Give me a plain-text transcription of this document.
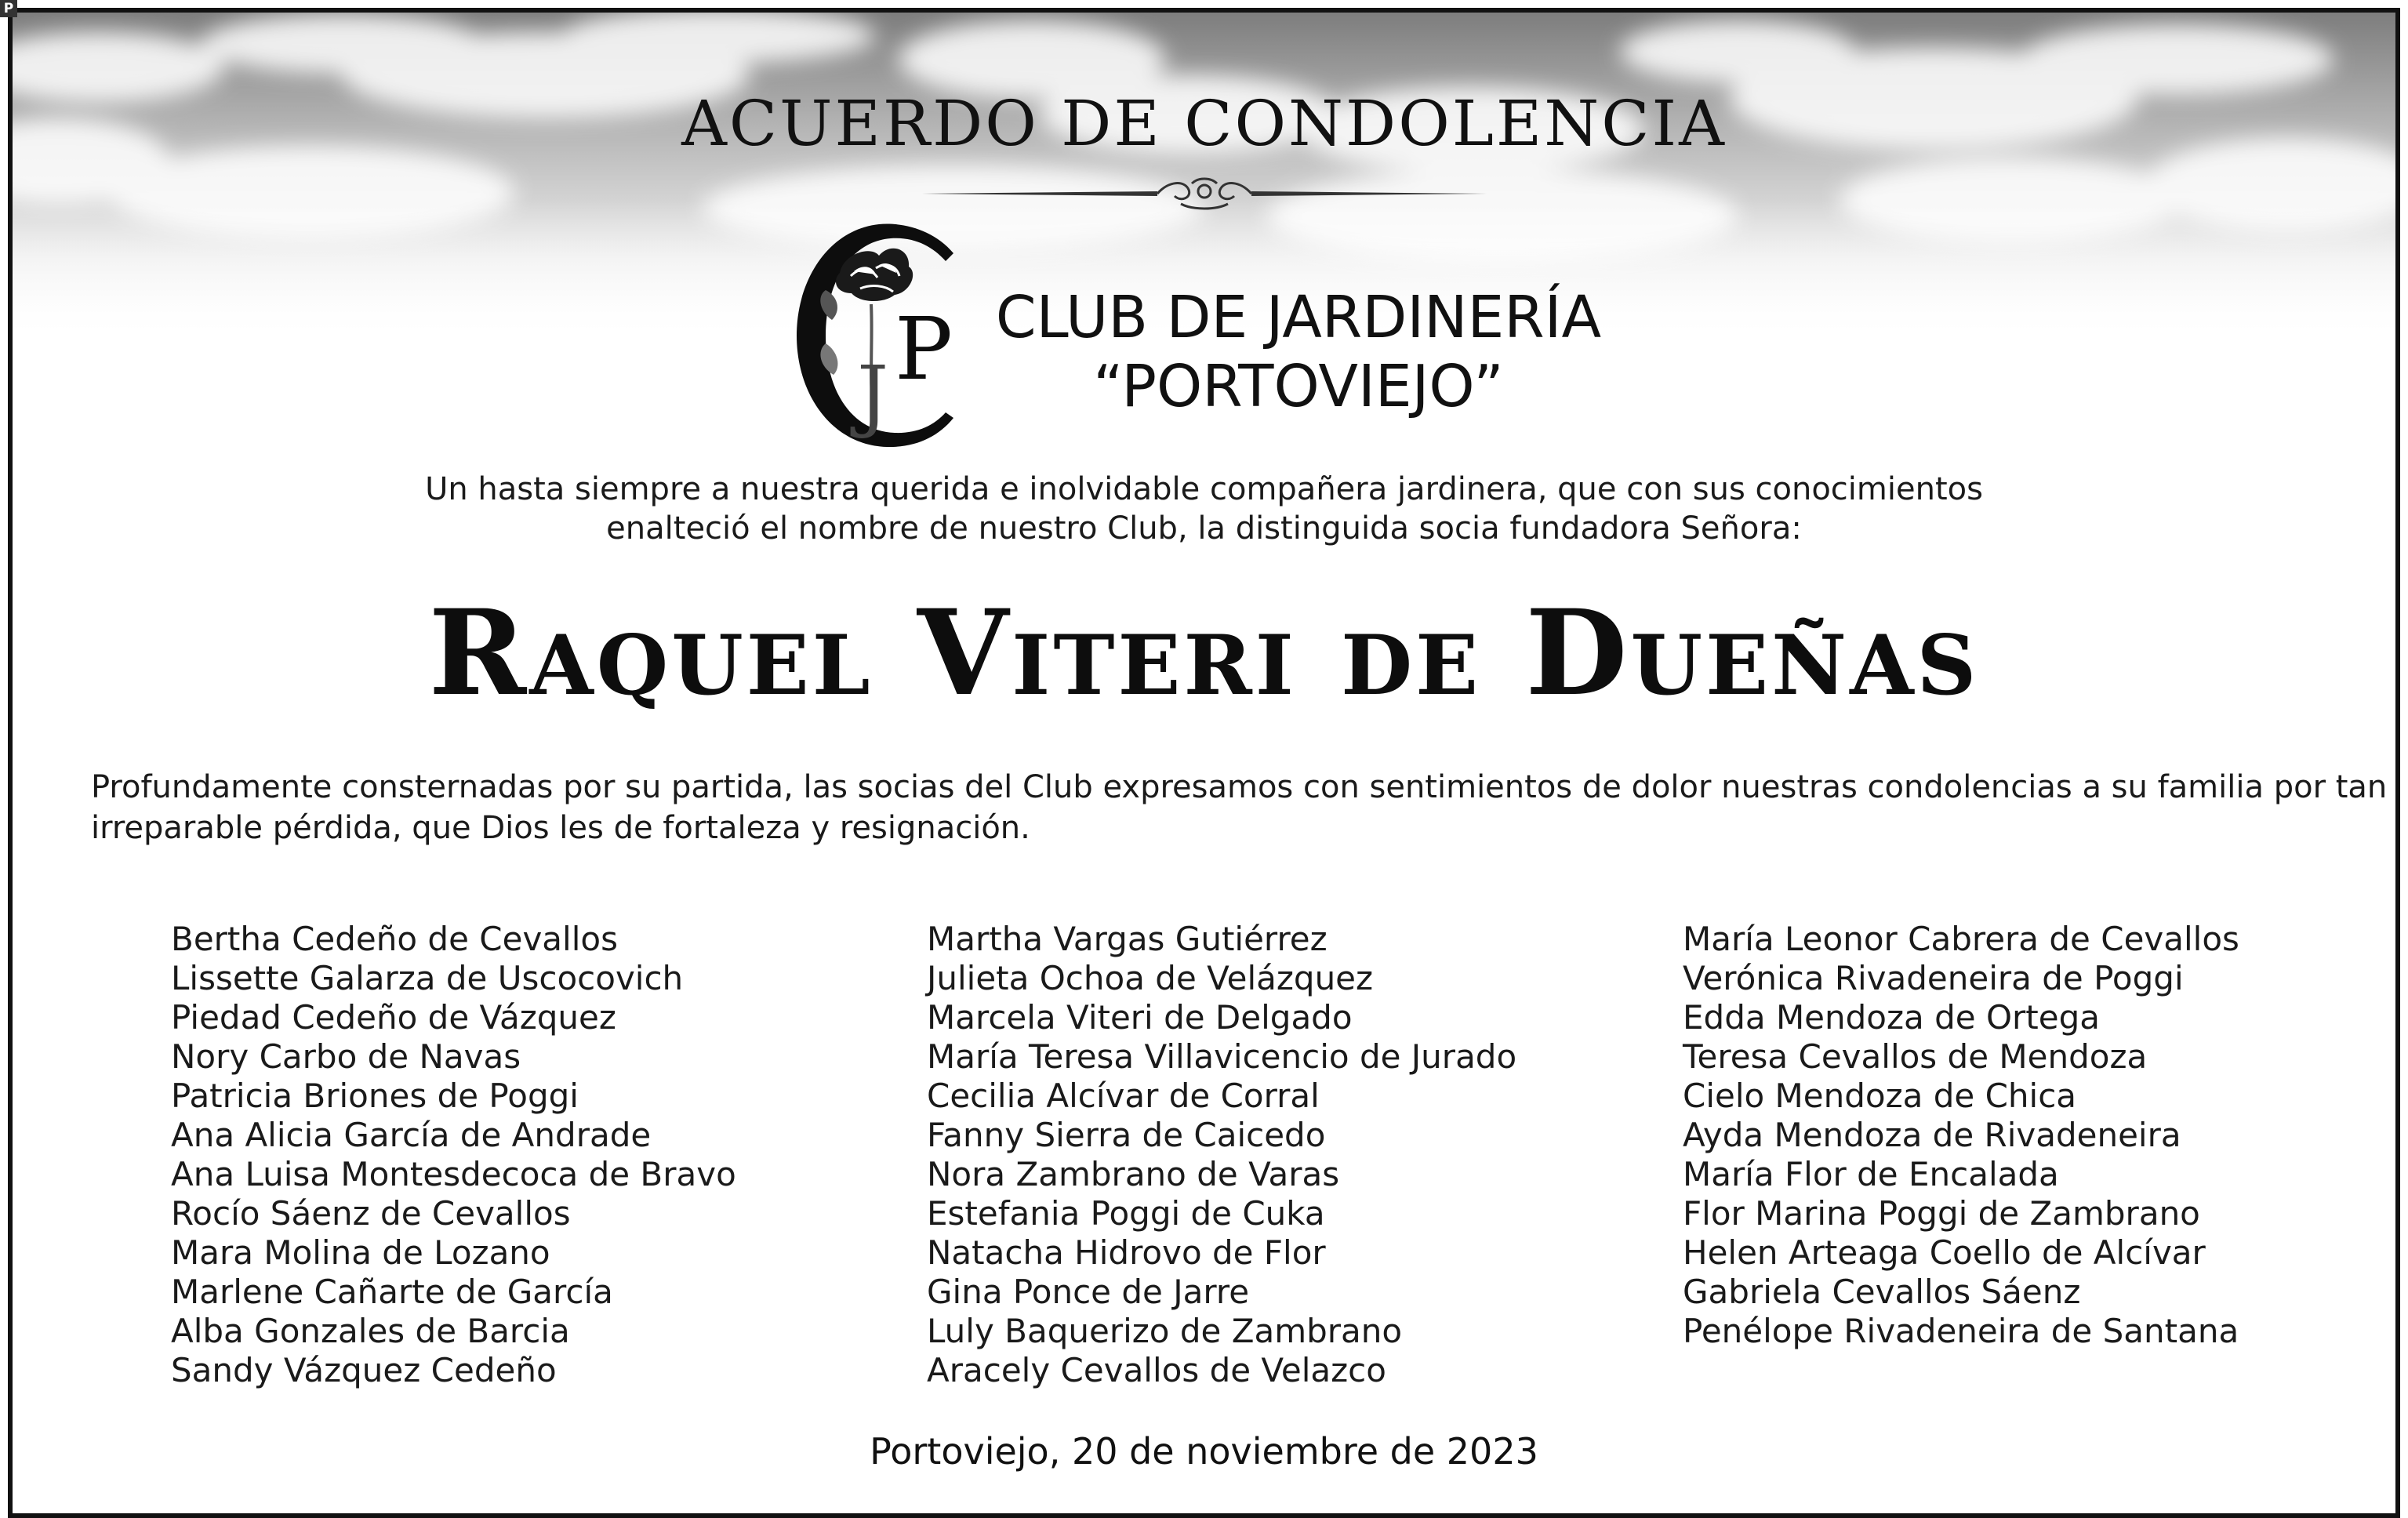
P
ACUERDO DE CONDOLENCIA
P
J
CLUB DE JARDINERÍA
“PORTOVIEJO”
Un hasta siempre a nuestra querida e inolvidable compañera jardinera, que con sus conocimientos
enalteció el nombre de nuestro Club, la distinguida socia fundadora Señora:
Raquel Viteri de Dueñas
Profundamente consternadas por su partida, las socias del Club expresamos con sentimientos de dolor nuestras condolencias a su familia por tan
irreparable pérdida, que Dios les de fortaleza y resignación.
Bertha Cedeño de Cevallos
Lissette Galarza de Uscocovich
Piedad Cedeño de Vázquez
Nory Carbo de Navas
Patricia Briones de Poggi
Ana Alicia García de Andrade
Ana Luisa Montesdecoca de Bravo
Rocío Sáenz de Cevallos
Mara Molina de Lozano
Marlene Cañarte de García
Alba Gonzales de Barcia
Sandy Vázquez Cedeño
Martha Vargas Gutiérrez
Julieta Ochoa de Velázquez
Marcela Viteri de Delgado
María Teresa Villavicencio de Jurado
Cecilia Alcívar de Corral
Fanny Sierra de Caicedo
Nora Zambrano de Varas
Estefania Poggi de Cuka
Natacha Hidrovo de Flor
Gina Ponce de Jarre
Luly Baquerizo de Zambrano
Aracely Cevallos de Velazco
María Leonor Cabrera de Cevallos
Verónica Rivadeneira de Poggi
Edda Mendoza de Ortega
Teresa Cevallos de Mendoza
Cielo Mendoza de Chica
Ayda Mendoza de Rivadeneira
María Flor de Encalada
Flor Marina Poggi de Zambrano
Helen Arteaga Coello de Alcívar
Gabriela Cevallos Sáenz
Penélope Rivadeneira de Santana
Portoviejo, 20 de noviembre de 2023
